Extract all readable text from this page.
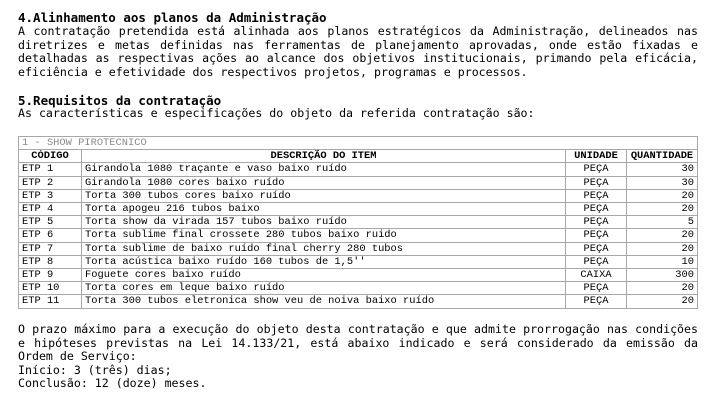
4.Alinhamento aos planos da Administração
A contratação pretendida está alinhada aos planos estratégicos da Administração, delineados nas
diretrizes e metas definidas nas ferramentas de planejamento aprovadas, onde estão fixadas e
detalhadas as respectivas ações ao alcance dos objetivos institucionais, primando pela eficácia,
eficiência e efetividade dos respectivos projetos, programas e processos.
5.Requisitos da contratação
As características e especificações do objeto da referida contratação são:
1 - SHOW PIROTECNICO			
CÓDIGO	DESCRIÇÃO DO ITEM	UNIDADE	QUANTIDADE
ETP 1	Girandola 1080 traçante e vaso baixo ruído	PEÇA	30
ETP 2	Girandola 1080 cores baixo ruído	PEÇA	30
ETP 3	Torta 300 tubos cores baixo ruído	PEÇA	20
ETP 4	Torta apogeu 216 tubos baixo	PEÇA	20
ETP 5	Torta show da virada 157 tubos baixo ruído	PEÇA	5
ETP 6	Torta sublime final crossete 280 tubos baixo ruido	PEÇA	20
ETP 7	Torta sublime de baixo ruído final cherry 280 tubos	PEÇA	20
ETP 8	Torta acústica baixo ruído 160 tubos de 1,5''	PEÇA	10
ETP 9	Foguete cores baixo ruído	CAIXA	300
ETP 10	Torta cores em leque baixo ruído	PEÇA	20
ETP 11	Torta 300 tubos eletronica show veu de noiva baixo ruído	PEÇA	20
O prazo máximo para a execução do objeto desta contratação e que admite prorrogação nas condições
e hipóteses previstas na Lei 14.133/21, está abaixo indicado e será considerado da emissão da
Ordem de Serviço:
Início: 3 (três) dias;
Conclusão: 12 (doze) meses.
